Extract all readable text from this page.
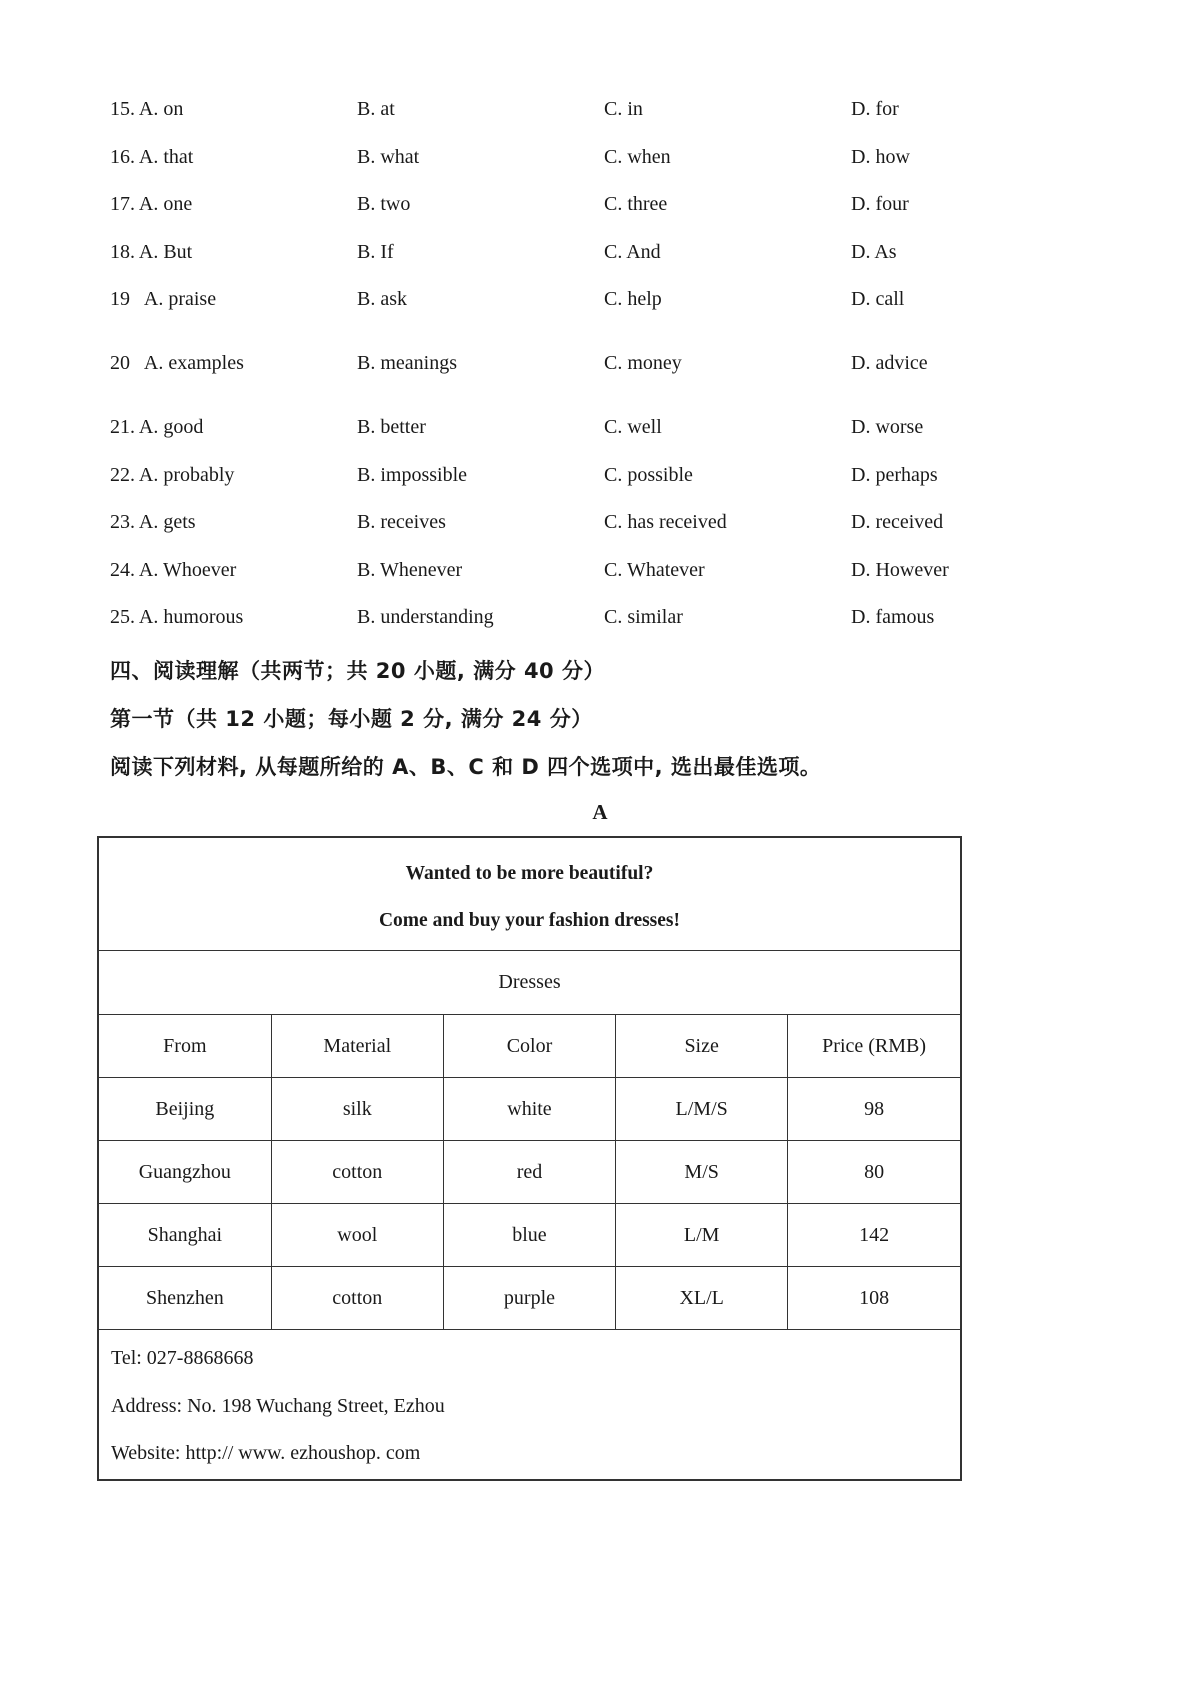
15. A. on	B. at	C. in	D. for
16. A. that	B. what	C. when	D. how
17. A. one	B. two	C. three	D. four
18. A. But	B. If	C. And	D. As
19   A. praise	B. ask	C. help	D. call
20   A. examples	B. meanings	C. money	D. advice
21. A. good	B. better	C. well	D. worse
22. A. probably	B. impossible	C. possible	D. perhaps
23. A. gets	B. receives	C. has received	D. received
24. A. Whoever	B. Whenever	C. Whatever	D. However
25. A. humorous	B. understanding	C. similar	D. famous
四、阅读理解（共两节；共 20 小题, 满分 40 分）
第一节（共 12 小题；每小题 2 分, 满分 24 分）
阅读下列材料, 从每题所给的 A、B、C 和 D 四个选项中, 选出最佳选项。
A
Wanted to be more beautiful?
Come and buy your fashion dresses!
Dresses
From	Material	Color	Size	Price (RMB)
Beijing	silk	white	L/M/S	98
Guangzhou	cotton	red	M/S	80
Shanghai	wool	blue	L/M	142
Shenzhen	cotton	purple	XL/L	108
Tel: 027-8868668
Address: No. 198 Wuchang Street, Ezhou
Website: http:// www. ezhoushop. com
